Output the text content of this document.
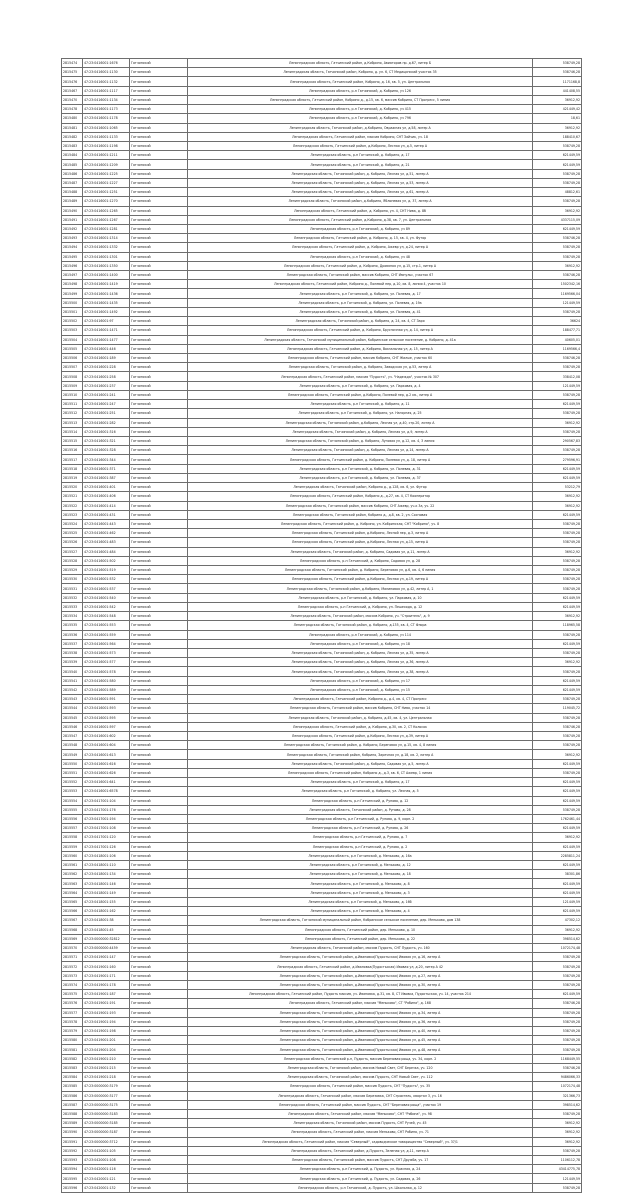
2815474	47:23:0416001:1676	Гатчинский	Ленинградская область, Гатчинский район, д.Кобрино, Авиаторов пр. д.67, литер Б	538749,28
2815475	47:23:0416001:1130	Гатчинский	Ленинградская область, Гатчинский район, Кобрино, д. ул. 6, СТ Медицинский участок 35	538746,28
2815476	47:23:0416001:1132	Гатчинский	Ленинградская область, Гатчинский район, Кобрино, д. 16, кв. 5, ул. Центральная	1171168,8
2815467	47:23:0416001:1117	Гатчинский	Ленинградская область, р-н Гатчинский, д. Кобрино, уч 126	441408,55
2815470	47:23:0416001:1134	Гатчинский	Ленинградская область, Гатчинский район, Кобрино д., д.15, кв. 6, массив Кобрино, СТ Прогресс, 5 линия	36912,92
2815478	47:23:0416001:1173	Гатчинский	Ленинградская область, р-н Гатчинский, д. Кобрино, уч 415	421449,42
2815480	47:23:0416001:1178	Гатчинский	Ленинградская область, р-н Гатчинский, д. Кобрино, уч 796	18,61
2815481	47:23:0416001:1065	Гатчинский	Ленинградская область, Гатчинский район, д.Кобрино, Овражная ул, д.58, литер А	36912,92
2815482	47:23:0416001:1133	Гатчинский	Ленинградская область, Гатчинский район, массив Кобрино, СНТ Зайчик, уч. 18	188410,67
2815483	47:23:0416001:1198	Гатчинский	Ленинградская область, Гатчинский район, д.Кобрино, Лесная ул, д.5, литер А	538749,28
2815484	47:23:0416001:1211	Гатчинский	Ленинградская область, р-н Гатчинский, д. Кобрино, д. 17	621449,59
2815485	47:23:0416001:1209	Гатчинский	Ленинградская область, р-н Гатчинский, д. Кобрино, д. 21	621449,59
2815486	47:23:0416001:1225	Гатчинский	Ленинградская область, Гатчинский район, д. Кобрино, Лесная ул, д.51, литер А	538749,28
2815487	47:23:0416001:1227	Гатчинский	Ленинградская область, Гатчинский район, д. Кобрино, Лесная ул, д.53, литер А	538749,28
2815488	47:23:0416001:1251	Гатчинский	Ленинградская область, Гатчинский район, д. Кобрино, Лесная ул, д.61, литер А	48812,61
2815489	47:23:0416001:1270	Гатчинский	Ленинградская область, Гатчинский район, д.Кобрино, Яблоневая ул, д. 37, литер А	538749,28
2815490	47:23:0416001:1265	Гатчинский	Ленинградская область, Гатчинский район, д. Кобрино, ул. 4, СНТ Нива, д. 8б	36912,92
2815491	47:23:0416001:1267	Гатчинский	Ленинградская область, Гатчинский район, д.Кобрино, д.38, кв. 7, ул. Центральная	4337115,09
2815492	47:23:0416001:1281	Гатчинский	Ленинградская область, р-н Гатчинский, д. Кобрино, уч 89	621449,59
2815493	47:23:0416001:1314	Гатчинский	Ленинградская область, Гатчинский район, д. Кобрино, д. 15, кв. 4, ул. Футор	538746,28
2815494	47:23:0416001:1332	Гатчинский	Ленинградская область, Гатчинский район, д. Кобрино, Ажевр ул, д.24, литер А	538749,28
2815495	47:23:0416001:1301	Гатчинский	Ленинградская область, р-н Гатчинский, д. Кобрино, уч 48	538749,28
2815496	47:23:0416001:1350	Гатчинский	Ленинградская область, Гатчинский район, д. Кобрино, Дровяная ул, д.15, стр.1, литер А	36912,92
2815497	47:23:0416001:1400	Гатчинский	Ленинградская область, Гатчинский район, массив Кобрино, СНТ Импульс, участок 67	538746,28
2815498	47:23:0416001:1419	Гатчинский	Ленинградская область, Гатчинский район, Кобрино д., Полевой пер, д.10, кв. 8, линия 4, участок 10	1502342,16
2815499	47:23:0416001:1436	Гатчинский	Ленинградская область, р-н Гатчинский, д. Кобрино, ул. Полевая, д. 17	1169566,04
2815500	47:23:0416001:1435	Гатчинский	Ленинградская область, р-н Гатчинский, д. Кобрино, ул. Полевая, д. 19а	121449,59
2815501	47:23:0416001:1492	Гатчинский	Ленинградская область, р-н Гатчинский, д. Кобрино, ул. Полевая, д. 41	538749,28
2815502	47:23:0416001:97	Гатчинский	Ленинградская область, Гатчинский район, д. Кобрино, д. 24, кв. 4, СТ Заря	36624
2815503	47:23:0416001:1471	Гатчинский	Ленинградская область, Гатчинский район, д. Кобрино, Брусничная ул, д. 14, литер А	188477,71
2815504	47:23:0416001:1477	Гатчинский	Ленинградская область, Гатчинский муниципальный район, Кобринское сельское поселение, д. Кобрино, д. 41а	40605,01
2815505	47:23:0416001:446	Гатчинский	Ленинградская область, Гатчинский район, д. Кобрино, Вокзальная ул, д. 15, литер А	1169566,4
2815506	47:23:0416001:189	Гатчинский	Ленинградская область, Гатчинский район, массив Кобрино, СНТ Жилые, участок 60	538746,28
2815507	47:23:0416001:228	Гатчинский	Ленинградская область, Гатчинский район, д. Кобрино, Заводская ул, д.53, литер А	538749,28
2815508	47:23:0416001:258	Гатчинский	Ленинградская область, Гатчинский район, массив "Пудость", уч. "Надежда", участок № 307	338412,08
2815509	47:23:0416001:237	Гатчинский	Ленинградская область, р-н Гатчинский, д. Кобрино, ул. Парковая, д. 4	121449,59
2815510	47:23:0416001:241	Гатчинский	Ленинградская область, Гатчинский район, д.Кобрино, Полевой пер, д.2 кв., литер А	538749,28
2815511	47:23:0416001:247	Гатчинский	Ленинградская область, р-н Гатчинский, д. Кобрино, д. 11	621449,59
2815512	47:23:0416001:251	Гатчинский	Ленинградская область, р-н Гатчинский, д. Кобрино, ул. Нагорная, д. 25	538749,28
2815513	47:23:0416001:282	Гатчинский	Ленинградская область, Гатчинский район, д.Кобрино, Лесная ул, д.40, стр.20, литер А	36912,92
2815514	47:23:0416001:316	Гатчинский	Ленинградская область, Гатчинский район, д. Кобрино, Лесная ул, д.9, литер А	538749,28
2815515	47:23:0416001:321	Гатчинский	Ленинградская область, Гатчинский район, д. Кобрино, Луговая ул, д.12, кв. 4, 3 линия	290567,83
2815516	47:23:0416001:328	Гатчинский	Ленинградская область, Гатчинский район, д. Кобрино, Лесная ул, д.14, литер А	538749,28
2815517	47:23:0416001:344	Гатчинский	Ленинградская область, Гатчинский район, д. Кобрино, Полевая ул, д. 18, литер А	279596,91
2815518	47:23:0416001:371	Гатчинский	Ленинградская область, р-н Гатчинский, д. Кобрино, ул. Полевая, д. 31	621449,59
2815519	47:23:0416001:387	Гатчинский	Ленинградская область, р-н Гатчинский, д. Кобрино, ул. Полевая, д. 37	621449,59
2815520	47:23:0416001:401	Гатчинский	Ленинградская область, Гатчинский район, Кобрино д., д.128, кв. 6, ул. Футор	53212,79
2815521	47:23:0416001:406	Гатчинский	Ленинградская область, Гатчинский район, Кобрино д., д.27, кв. 4, СТ Кооператор	36912,92
2815522	47:23:0416001:414	Гатчинский	Ленинградская область, Гатчинский район, массив Кобрино, СНТ Ажевр, уч-к 3а, уч. 22	36912,92
2815523	47:23:0416001:431	Гатчинский	Ленинградская область, Гатчинский район, Кобрино д., д.8, кв. 2, ул. Сосновая	621449,59
2815524	47:23:0416001:443	Гатчинский	Ленинградская область, Гатчинский район, д. Кобрино, ул. Кобринская, СНТ "Кобрино", уч. 8	538749,28
2815525	47:23:0416001:462	Гатчинский	Ленинградская область, Гатчинский район, д.Кобрино, Лесной пер, д.3, литер А	538749,28
2815526	47:23:0416001:483	Гатчинский	Ленинградская область, Гатчинский район, д.Кобрино, Лесная ул, д.15, литер А	538749,28
2815527	47:23:0416001:484	Гатчинский	Ленинградская область, Гатчинский район, д. Кобрино, Садовая ул, д.11, литер А	36912,92
2815528	47:23:0416001:502	Гатчинский	Ленинградская область, р-н Гатчинский, д. Кобрино, Садовая ул, д. 28	538749,28
2815529	47:23:0416001:519	Гатчинский	Ленинградская область, Гатчинский район, д. Кобрино, Береговая ул, д.6, кв. 4, 6 линия	538749,28
2815530	47:23:0416001:532	Гатчинский	Ленинградская область, Гатчинский район, д.Кобрино, Лесная ул, д.19, литер А	538749,28
2815531	47:23:0416001:537	Гатчинский	Ленинградская область, Гатчинский район, д.Кобрино, Малиновая ул, д.42, литер А, 1	538749,28
2815532	47:23:0416001:540	Гатчинский	Ленинградская область, р-н Гатчинский, д. Кобрино, ул. Парковая, д. 10	621449,59
2815533	47:23:0416001:542	Гатчинский	Ленинградская область, р-н Гатчинский, д. Кобрино, ул. Пешехода, д. 12	621449,59
2815534	47:23:0416001:548	Гатчинский	Ленинградская область, Гатчинский район, массив Кобрино, уч. "Строитель", д. 9	36912,92
2815535	47:23:0416001:553	Гатчинский	Ленинградская область, Гатчинский район, д. Кобрино, д.135, кв. 4, СТ Флора	118965,58
2815536	47:23:0416001:559	Гатчинский	Ленинградская область, р-н Гатчинский, д. Кобрино, уч 114	538749,28
2815537	47:23:0416001:564	Гатчинский	Ленинградская область, р-н Гатчинский, д. Кобрино, уч 18	621449,59
2815538	47:23:0416001:573	Гатчинский	Ленинградская область, Гатчинский район, д. Кобрино, Лесная ул, д.35, литер А	538749,28
2815539	47:23:0416001:577	Гатчинский	Ленинградская область, Гатчинский район, д. Кобрино, Лесная ул, д.36, литер А	36912,92
2815540	47:23:0416001:578	Гатчинский	Ленинградская область, Гатчинский район, д. Кобрино, Лесная ул, д.38, литер А	538749,28
2815541	47:23:0416001:580	Гатчинский	Ленинградская область, р-н Гатчинский, д. Кобрино, уч 17	621449,59
2815542	47:23:0416001:589	Гатчинский	Ленинградская область, р-н Гатчинский, д. Кобрино, уч 15	621449,59
2815543	47:23:0416001:591	Гатчинский	Ленинградская область, Гатчинский район, Кобрино д., д.4, кв. 4, СТ Прогресс	538749,28
2815544	47:23:0416001:593	Гатчинский	Ленинградская область, Гатчинский район, массив Кобрино, СНТ Нива, участок 14	119045,72
2815545	47:23:0416001:595	Гатчинский	Ленинградская область, Гатчинский район, д. Кобрино, д.45, кв. 4, ул. Центральная	538749,28
2815546	47:23:0416001:597	Гатчинский	Ленинградская область, Гатчинский район, д. Кобрино, д.30, кв. 2, СТ Колосок	538746,28
2815547	47:23:0416001:602	Гатчинский	Ленинградская область, Гатчинский район, д.Кобрино, Лесная ул, д.39, литер А	538749,28
2815548	47:23:0416001:604	Гатчинский	Ленинградская область, Гатчинский район, д. Кобрино, Береговая ул, д.15, кв. 4, 8 линия	538749,28
2815549	47:23:0416001:613	Гатчинский	Ленинградская область, Гатчинский район, Кобрино, Заречная ул, д.18, кв. 2, литер А	36912,92
2815550	47:23:0416001:616	Гатчинский	Ленинградская область, Гатчинский район, д. Кобрино, Садовая ул, д.5, литер А	621449,59
2815551	47:23:0416001:626	Гатчинский	Ленинградская область, Гатчинский район, Кобрино д., д.3, кв. 6, СТ Ажевр, 1 линия	538749,28
2815552	47:23:0416001:641	Гатчинский	Ленинградская область, р-н Гатчинский, д. Кобрино, д. 17	621449,59
2815553	47:23:0416001:6578	Гатчинский	Ленинградская область, р-н Гатчинский, д. Кобрино, ул. Лесная, д. 5	621449,59
2815554	47:23:0417001:104	Гатчинский	Ленинградская область, р-н Гатчинский, д. Руново, д. 12	621449,59
2815555	47:23:0417001:176	Гатчинский	Ленинградская область, Гатчинский район, д. Руново, д. 28	538749,28
2815556	47:23:0417001:194	Гатчинский	Ленинградская область, р-н Гатчинский, д. Руново, д. 9, корп. 2	1762461,44
2815557	47:23:0417001:108	Гатчинский	Ленинградская область, р-н Гатчинский, д. Руново, д. 26	621449,59
2815558	47:23:0417001:120	Гатчинский	Ленинградская область, р-н Гатчинский, д. Руново, д. 7	36912,92
2815559	47:23:0417001:126	Гатчинский	Ленинградская область, р-н Гатчинский, д. Руново, д. 2	621449,59
2815560	47:23:0418001:106	Гатчинский	Ленинградская область, р-н Гатчинский, д. Меньково, д. 16а	2285811,24
2815561	47:23:0418001:110	Гатчинский	Ленинградская область, р-н Гатчинский, д. Меньково, д. 12	621449,59
2815562	47:23:0418001:134	Гатчинский	Ленинградская область, р-н Гатчинский, д. Меньково, д. 18	38301,86
2815563	47:23:0418001:146	Гатчинский	Ленинградская область, р-н Гатчинский, д. Меньково, д. 8	621449,59
2815564	47:23:0418001:149	Гатчинский	Ленинградская область, р-н Гатчинский, д. Меньково, д. 3	621449,59
2815565	47:23:0418001:155	Гатчинский	Ленинградская область, р-н Гатчинский, д. Меньково, д. 16б	121449,59
2815566	47:23:0418001:162	Гатчинский	Ленинградская область, р-н Гатчинский, д. Меньково, д. 4	621449,59
2815567	47:23:0418001:38	Гатчинский	Ленинградская область, Гатчинский муниципальный район, Кобринское сельское поселение, дер. Меньково, дом 138	47302,12
2815568	47:23:0418001:45	Гатчинский	Ленинградская область, Гатчинский район, дер. Меньково, д. 10	36912,92
2815569	47:23:0000000:32812	Гатчинский	Ленинградская область, Гатчинский район, дер. Меньково, д. 22	398514,62
2815570	47:23:0000000:4459	Гатчинский	Ленинградская область, Гатчинский район, массив Пудость, СНТ Пудость, уч. 160	1072174,48
2815571	47:23:0419001:147	Гатчинский	Ленинградская область, Гатчинский район, д.Ивановка(Пудостьская) Ивовая ул, д.16, литер А	538749,28
2815572	47:23:0419001:160	Гатчинский	Ленинградская область, Гатчинский район, д.Ивановка(Пудостьская) Ивовая ул, д.20, литер А 42	538749,28
2815573	47:23:0419001:171	Гатчинский	Ленинградская область, Гатчинский район, д.Ивановка(Пудостьская) Ивовая ул, д.27, литер А	538749,28
2815574	47:23:0419001:178	Гатчинский	Ленинградская область, Гатчинский район, д.Ивановка(Пудостьская) Ивовая ул, д.30, литер А	538749,28
2815575	47:23:0419001:187	Гатчинский	Ленинградская область, Гатчинский район, Пудость массив, уч. Ивановка, д.31, кв. 8, СТ Ивовка, Пудостьская, уч. 14, участок 214	621449,59
2815576	47:23:0419001:191	Гатчинский	Ленинградская область, Гатчинский район, массив "Меньково", СТ "Рябина", д. 168	538746,28
2815577	47:23:0419001:193	Гатчинский	Ленинградская область, Гатчинский район, д.Ивановка(Пудостьская) Ивовая ул, д.34, литер А	538749,28
2815578	47:23:0419001:194	Гатчинский	Ленинградская область, Гатчинский район, д.Ивановка(Пудостьская) Ивовая ул, д.36, литер А	538749,28
2815579	47:23:0419001:198	Гатчинский	Ленинградская область, Гатчинский район, д.Ивановка(Пудостьская) Ивовая ул, д.40, литер А	538749,28
2815580	47:23:0419001:201	Гатчинский	Ленинградская область, Гатчинский район, д.Ивановка(Пудостьская) Ивовая ул, д.45, литер А	538749,28
2815581	47:23:0419001:204	Гатчинский	Ленинградская область, Гатчинский район, д.Ивановка(Пудостьская) Ивовая ул, д.48, литер А	538749,28
2815582	47:23:0419001:210	Гатчинский	Ленинградская область, Гатчинский р-н, Пудость, массив Березовая роща, уч. 34, корп. 2	1168449,55
2815583	47:23:0419001:215	Гатчинский	Ленинградская область, Гатчинский район, массив Новый Свет, СНТ Березка, уч. 120	538746,28
2815584	47:23:0419001:218	Гатчинский	Ленинградская область, Гатчинский район, массив Пудость, СНТ Новый Свет, уч. 112	9486066,33
2815585	47:23:0000000:3179	Гатчинский	Ленинградская область, Гатчинский район, массив Пудость, СНТ "Пудость", уч. 35	1072174,48
2815586	47:23:0000000:3177	Гатчинский	Ленинградская область, Гатчинский район, массив Березовка, СНТ Строитель, квартал 3, уч. 16	321366,73
2815587	47:23:0000000:3175	Гатчинский	Ленинградская область, Гатчинский район, массив Пудость, СНТ "Березовая роща", участок 19	398514,62
2815588	47:23:0000000:3183	Гатчинский	Ленинградская область, Гатчинский район, массив "Меньково", СНТ "Рябина", уч. 98	538749,28
2815589	47:23:0000000:3185	Гатчинский	Ленинградская область, Гатчинский район, массив Пудость, СНТ Ручей, уч. 45	36912,92
2815590	47:23:0000000:3187	Гатчинский	Ленинградская область, Гатчинский район, массив Меньково, СНТ Рябина, уч. 71	36912,92
2815591	47:23:0000000:3712	Гатчинский	Ленинградская область, Гатчинский район, массив "Северный", садоводческое товарищество "Северный", уч. 37/1	36912,92
2815592	47:23:0420001:105	Гатчинский	Ленинградская область, Гатчинский район, д.Пудость, Зеленая ул, д.11, литер А	538749,28
2815593	47:23:0420001:108	Гатчинский	Ленинградская область, Гатчинский район, массив Пудость, СНТ Дружба, уч. 17	1106112,78
2815594	47:23:0420001:116	Гатчинский	Ленинградская область, р-н Гатчинский, д. Пудость, ул. Красная, д. 24	43414775,78
2815595	47:23:0420001:121	Гатчинский	Ленинградская область, р-н Гатчинский, д. Пудость, ул. Садовая, д. 26	121449,59
2815596	47:23:0420001:132	Гатчинский	Ленинградская область, р-н Гатчинский, д. Пудость, ул. Школьная, д. 12	538749,28
